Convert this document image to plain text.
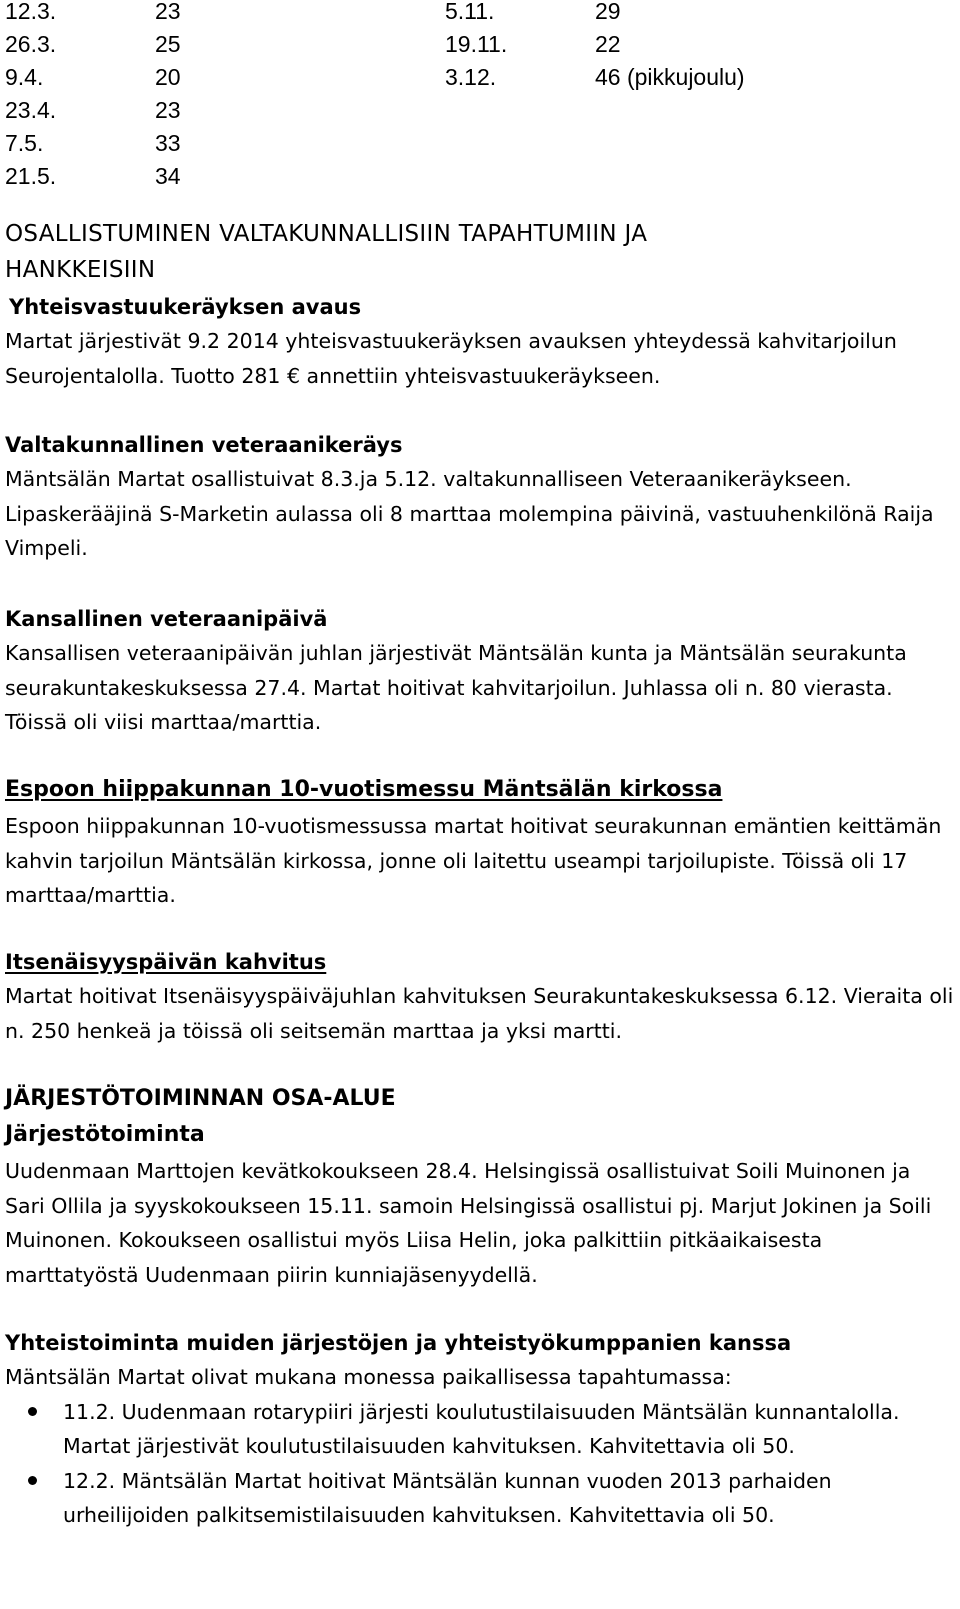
12.3.	23	5.11.	29
26.3.	25	19.11.	22
9.4.	20	3.12.	46 (pikkujoulu)
23.4.	23
7.5.	33
21.5.	34

OSALLISTUMINEN VALTAKUNNALLISIIN TAPAHTUMIIN JA

HANKKEISIIN

Yhteisvastuukeräyksen avaus

Martat järjestivät 9.2 2014 yhteisvastuukeräyksen avauksen yhteydessä kahvitarjoilun Seurojentalolla. Tuotto 281 € annettiin yhteisvastuukeräykseen.

Valtakunnallinen veteraanikeräys

Mäntsälän Martat osallistuivat 8.3.ja 5.12. valtakunnalliseen Veteraanikeräykseen. Lipaskerääjinä S-Marketin aulassa oli 8 marttaa molempina päivinä, vastuuhenkilönä Raija Vimpeli.

Kansallinen veteraanipäivä

Kansallisen veteraanipäivän juhlan järjestivät Mäntsälän kunta ja Mäntsälän seurakunta seurakuntakeskuksessa 27.4. Martat hoitivat kahvitarjoilun. Juhlassa oli n. 80 vierasta. Töissä oli viisi marttaa/marttia.

Espoon hiippakunnan 10-vuotismessu Mäntsälän kirkossa

Espoon hiippakunnan 10-vuotismessussa martat hoitivat seurakunnan emäntien keittämän kahvin tarjoilun Mäntsälän kirkossa, jonne oli laitettu useampi tarjoilupiste. Töissä oli 17 marttaa/marttia.

Itsenäisyyspäivän kahvitus

Martat hoitivat Itsenäisyyspäiväjuhlan kahvituksen Seurakuntakeskuksessa 6.12. Vieraita oli n. 250 henkeä ja töissä oli seitsemän marttaa ja yksi martti.

JÄRJESTÖTOIMINNAN OSA-ALUE

Järjestötoiminta

Uudenmaan Marttojen kevätkokoukseen 28.4. Helsingissä osallistuivat Soili Muinonen ja Sari Ollila ja syyskokoukseen 15.11. samoin Helsingissä osallistui pj. Marjut Jokinen ja Soili Muinonen. Kokoukseen osallistui myös Liisa Helin, joka palkittiin pitkäaikaisesta marttatyöstä Uudenmaan piirin kunniajäsenyydellä.

Yhteistoiminta muiden järjestöjen ja yhteistyökumppanien kanssa

Mäntsälän Martat olivat mukana monessa paikallisessa tapahtumassa:

11.2. Uudenmaan rotarypiiri järjesti koulutustilaisuuden Mäntsälän kunnantalolla. Martat järjestivät koulutustilaisuuden kahvituksen. Kahvitettavia oli 50.
12.2. Mäntsälän Martat hoitivat Mäntsälän kunnan vuoden 2013 parhaiden urheilijoiden palkitsemistilaisuuden kahvituksen. Kahvitettavia oli 50.
